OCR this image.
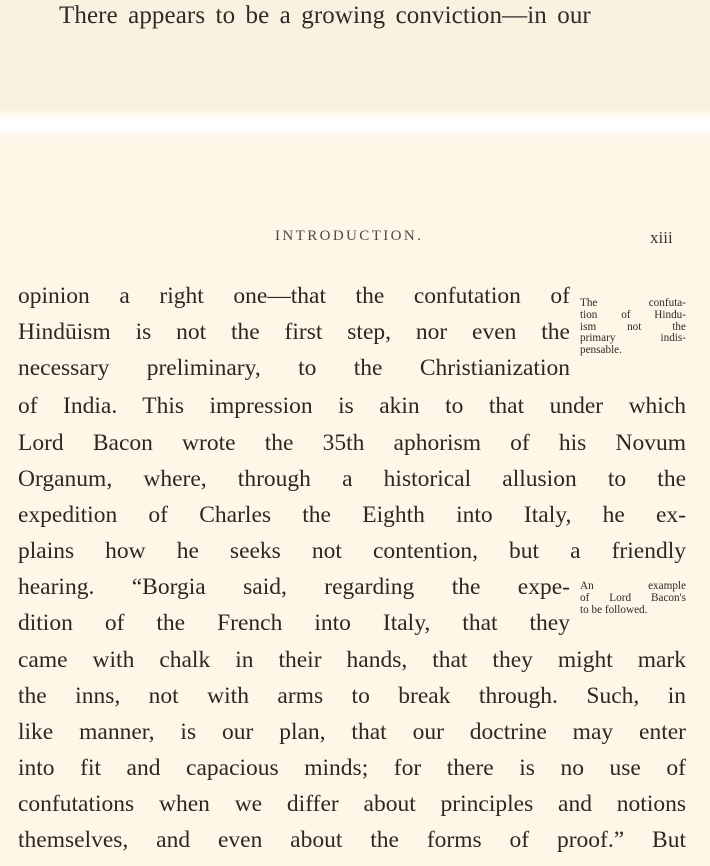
There appears to be a growing conviction—in our
INTRODUCTION.	xiii

opinion a right one—that the confutation of

Hindūism is not the first step, nor even the

necessary preliminary, to the Christianization

of India. This impression is akin to that under which

Lord Bacon wrote the 35th aphorism of his Novum

Organum, where, through a historical allusion to the

expedition of Charles the Eighth into Italy, he ex-

plains how he seeks not contention, but a friendly

hearing. “Borgia said, regarding the expe-

dition of the French into Italy, that they

came with chalk in their hands, that they might mark

the inns, not with arms to break through. Such, in

like manner, is our plan, that our doctrine may enter

into fit and capacious minds; for there is no use of

confutations when we differ about principles and notions

themselves, and even about the forms of proof.” But

The confuta-
tion of Hindu-
ism not the
primary indis-
pensable.
An example
of Lord Bacon's
to be followed.
